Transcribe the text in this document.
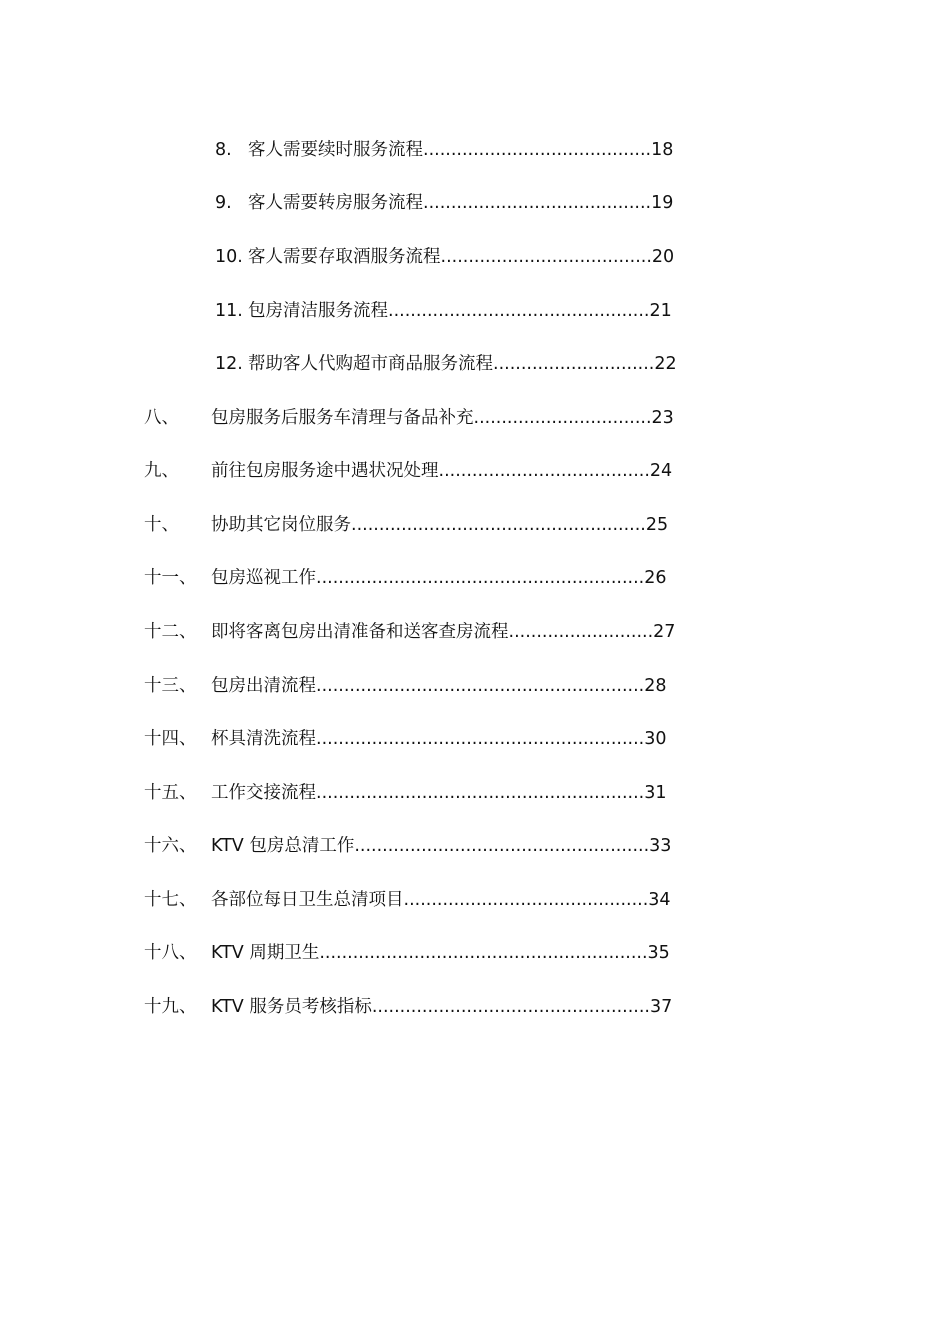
8. 客人需要续时服务流程.........................................18
9. 客人需要转房服务流程.........................................19
10. 客人需要存取酒服务流程......................................20
11. 包房清洁服务流程...............................................21
12. 帮助客人代购超市商品服务流程.............................22
八、 包房服务后服务车清理与备品补充................................23
九、 前往包房服务途中遇状况处理......................................24
十、 协助其它岗位服务.....................................................25
十一、 包房巡视工作...........................................................26
十二、 即将客离包房出清准备和送客查房流程..........................27
十三、 包房出清流程...........................................................28
十四、 杯具清洗流程...........................................................30
十五、 工作交接流程...........................................................31
十六、 KTV 包房总清工作.....................................................33
十七、 各部位每日卫生总清项目............................................34
十八、 KTV 周期卫生...........................................................35
十九、 KTV 服务员考核指标..................................................37
